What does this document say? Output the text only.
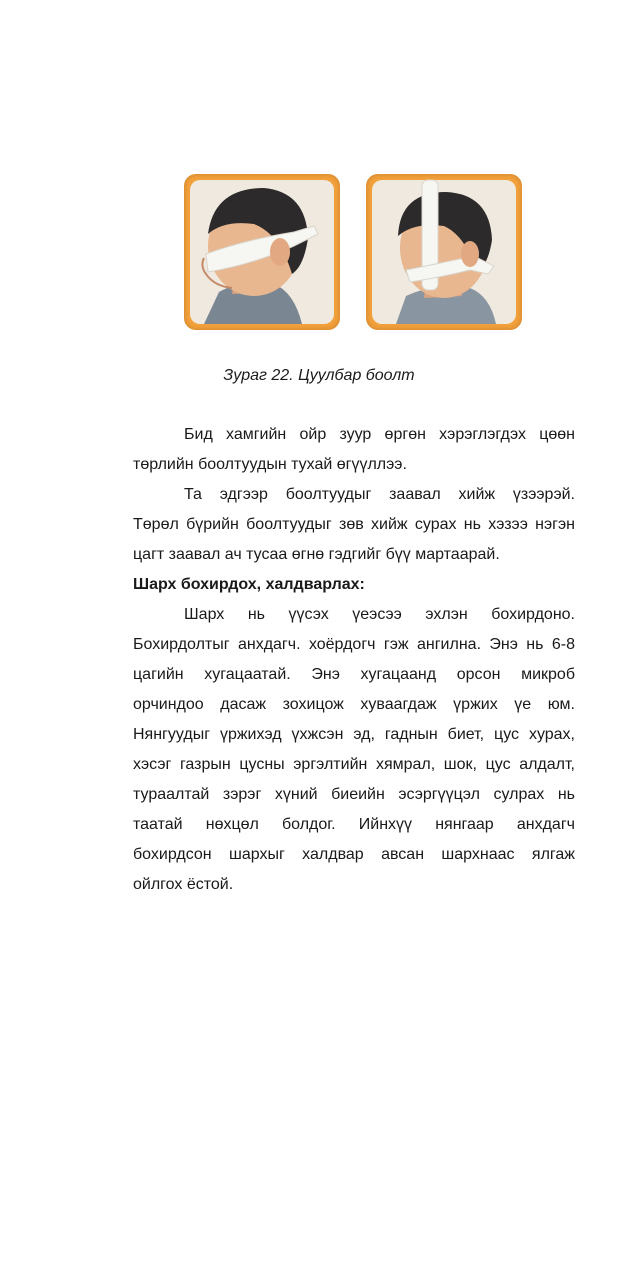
Зураг 22. Цуулбар боолт
Бид хамгийн ойр зуур өргөн хэрэглэгдэх цөөн
төрлийн боолтуудын тухай өгүүллээ.
Та эдгээр боолтуудыг заавал хийж үзээрэй.
Төрөл бүрийн боолтуудыг зөв хийж сурах нь хэзээ нэгэн
цагт заавал ач тусаа өгнө гэдгийг бүү мартаарай.
Шарх бохирдох, халдварлах:
Шарх нь үүсэх үеэсээ эхлэн бохирдоно.
Бохирдолтыг анхдагч. хоёрдогч гэж ангилна. Энэ нь 6-8
цагийн хугацаатай. Энэ хугацаанд орсон микроб
орчиндоо дасаж зохицож хуваагдаж үржих үе юм.
Нянгуудыг үржихэд үхжсэн эд, гаднын биет, цус хурах,
хэсэг газрын цусны эргэлтийн хямрал, шок, цус алдалт,
тураалтай зэрэг хүний биеийн эсэргүүцэл сулрах нь
таатай нөхцөл болдог. Ийнхүү нянгаар анхдагч
бохирдсон шархыг халдвар авсан шархнаас ялгаж
ойлгох ёстой.
